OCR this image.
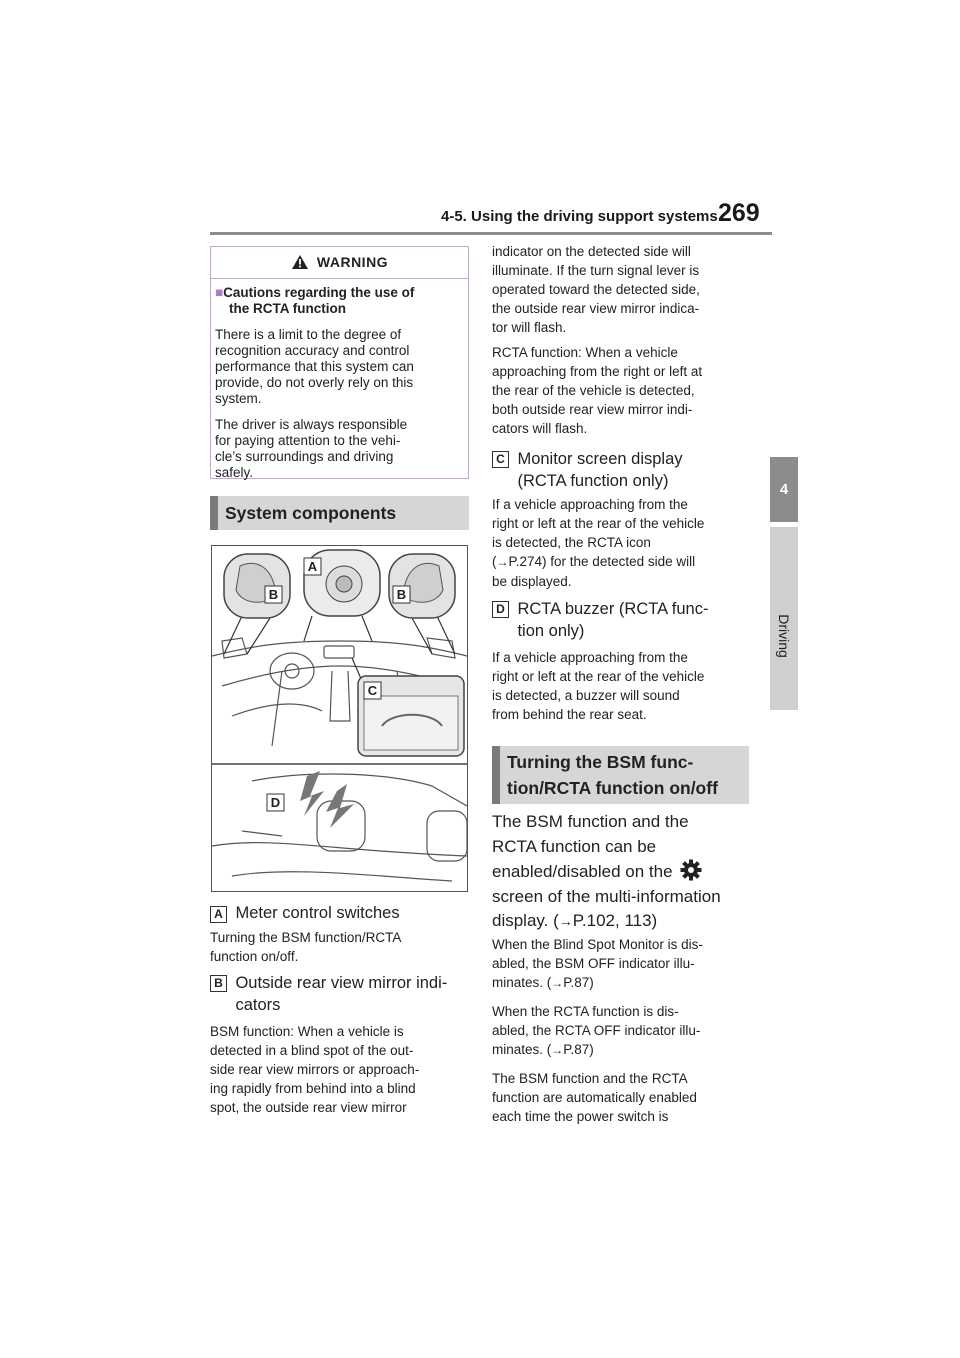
4-5. Using the driving support systems 269
4
Driving
WARNING
■Cautions regarding the use of
the RCTA function
There is a limit to the degree of
recognition accuracy and control
performance that this system can
provide, do not overly rely on this
system.
The driver is always responsible
for paying attention to the vehi-
cle’s surroundings and driving
safely.
System components
B	B
A
C
D
A Meter control switches
Turning the BSM function/RCTA
function on/off.
B Outside rear view mirror indi-
cators
BSM function: When a vehicle is
detected in a blind spot of the out-
side rear view mirrors or approach-
ing rapidly from behind into a blind
spot, the outside rear view mirror
indicator on the detected side will
illuminate. If the turn signal lever is
operated toward the detected side,
the outside rear view mirror indica-
tor will flash.
RCTA function: When a vehicle
approaching from the right or left at
the rear of the vehicle is detected,
both outside rear view mirror indi-
cators will flash.
C Monitor screen display
(RCTA function only)
If a vehicle approaching from the
right or left at the rear of the vehicle
is detected, the RCTA icon
(→P.274) for the detected side will
be displayed.
D RCTA buzzer (RCTA func-
tion only)
If a vehicle approaching from the
right or left at the rear of the vehicle
is detected, a buzzer will sound
from behind the rear seat.
Turning the BSM func-
tion/RCTA function on/off
The BSM function and the
RCTA function can be
enabled/disabled on the
screen of the multi-information
display. (→P.102, 113)
When the Blind Spot Monitor is dis-
abled, the BSM OFF indicator illu-
minates. (→P.87)
When the RCTA function is dis-
abled, the RCTA OFF indicator illu-
minates. (→P.87)
The BSM function and the RCTA
function are automatically enabled
each time the power switch is
